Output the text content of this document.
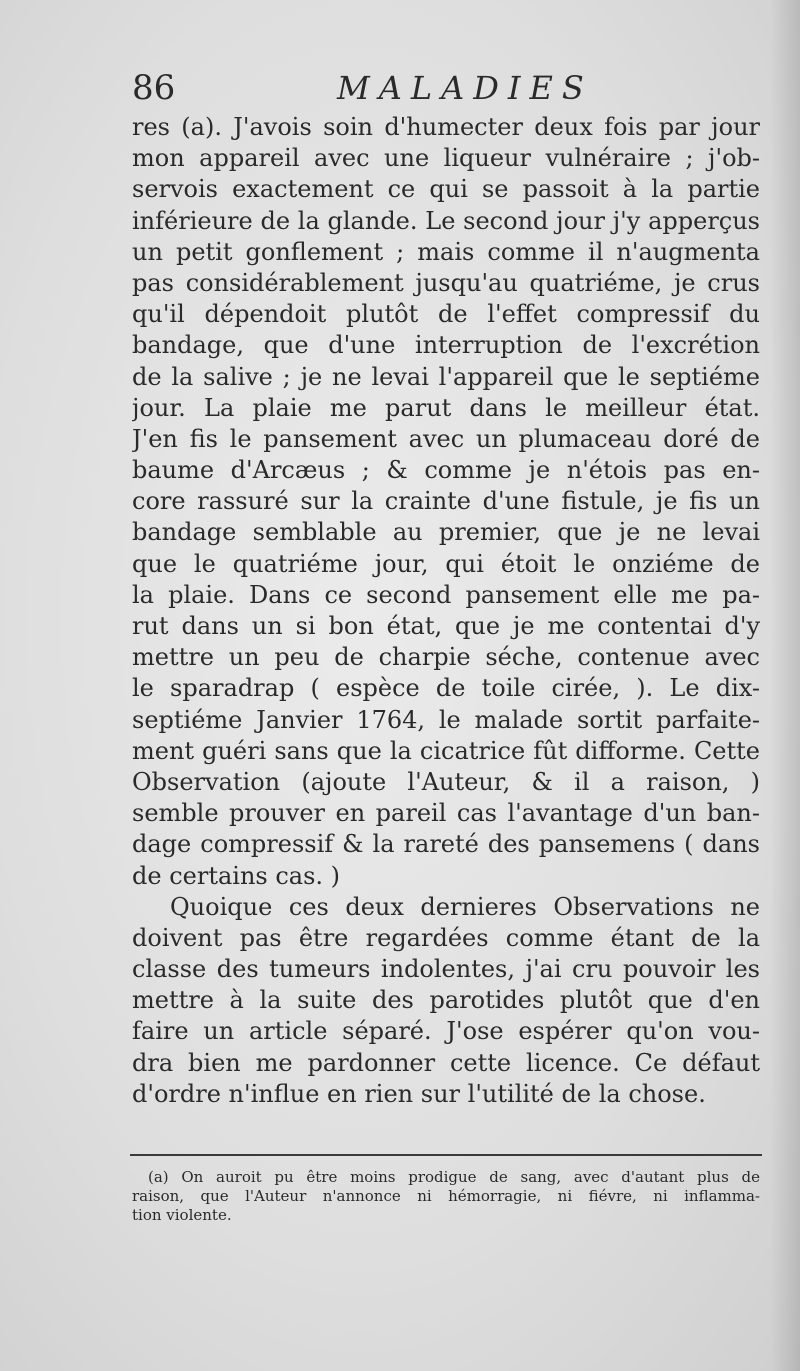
86	MALADIES
res (a). J'avois soin d'humecter deux fois par jour
mon appareil avec une liqueur vulnéraire ; j'ob-
servois exactement ce qui se passoit à la partie
inférieure de la glande. Le second jour j'y apperçus
un petit gonflement ; mais comme il n'augmenta
pas considérablement jusqu'au quatriéme, je crus
qu'il dépendoit plutôt de l'effet compressif du
bandage, que d'une interruption de l'excrétion
de la salive ; je ne levai l'appareil que le septiéme
jour. La plaie me parut dans le meilleur état.
J'en fis le pansement avec un plumaceau doré de
baume d'Arcæus ; & comme je n'étois pas en-
core rassuré sur la crainte d'une fistule, je fis un
bandage semblable au premier, que je ne levai
que le quatriéme jour, qui étoit le onziéme de
la plaie. Dans ce second pansement elle me pa-
rut dans un si bon état, que je me contentai d'y
mettre un peu de charpie séche, contenue avec
le sparadrap ( espèce de toile cirée, ). Le dix-
septiéme Janvier 1764, le malade sortit parfaite-
ment guéri sans que la cicatrice fût difforme. Cette
Observation (ajoute l'Auteur, & il a raison, )
semble prouver en pareil cas l'avantage d'un ban-
dage compressif & la rareté des pansemens ( dans
de certains cas. )
Quoique ces deux dernieres Observations ne
doivent pas être regardées comme étant de la
classe des tumeurs indolentes, j'ai cru pouvoir les
mettre à la suite des parotides plutôt que d'en
faire un article séparé. J'ose espérer qu'on vou-
dra bien me pardonner cette licence. Ce défaut
d'ordre n'influe en rien sur l'utilité de la chose.
(a) On auroit pu être moins prodigue de sang, avec d'autant plus de
raison, que l'Auteur n'annonce ni hémorragie, ni fiévre, ni inflamma-
tion violente.
